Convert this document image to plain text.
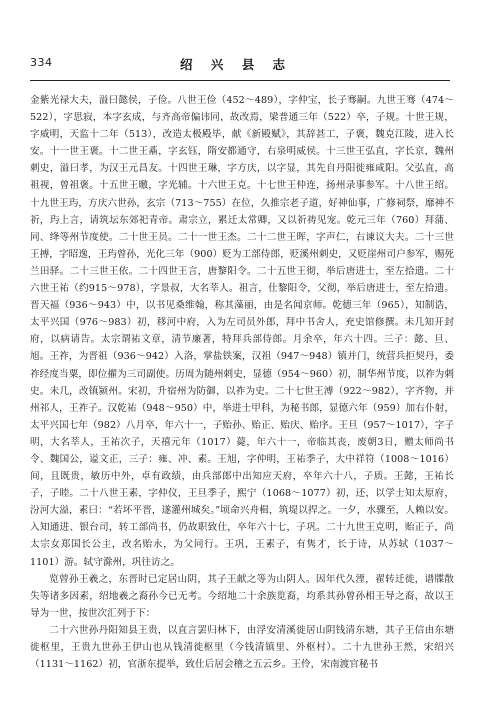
334	绍 兴 县 志

金紫光禄大夫，溢曰懿侯，子俭。八世王俭（452～489），字仲宝，长子骞嗣。九世王骞（474～522），字思寂，本字玄成，与齐高帝偏讳同，故改焉，梁普通三年（522）卒，子规。十世王规，字威明，天监十二年（513），改造太极殿毕，献《新殿赋》，其辞甚工，子褒，魏克江陵，进入长安。十一世王褒。十二世王鼒，字玄钰，隋安都通守，右泉明威侯。十三世王弘直，字长京，魏州刺史，溢曰孝，为汉王元昌友。十四世王琳，字方庆，以字显，其先自丹阳徙雍咸阳。父弘直，高祖视，曾祖褒。十五世王曒，字光辅。十六世王克。十七世王仲连，扬州录事参军。十八世王绍。十九世王玙，方庆六世孙，玄宗（713～755）在位，久推宗老子道，好神仙事，广修祠祭，靡神不祈，玙上言，请筑坛东郊祀青帝。肃宗立，累迁太常卿，又以祈祷见宠。乾元三年（760）拜蒲、同、绛等州节度使。二十世王员。二十一世王杰。二十二世王晖，字声仁，右谏议大夫。二十三世王搏，字昭逸，王玙曾孙，光化三年（900）贬为工部侍郎，贬溪州刺史，又贬崖州司户参军，赐死兰田驿。二十三世王依。二十四世王言，唐黎阳令。二十五世王彻，举后唐进士，至左拾遗。二十六世王祐（约915～978），字景叔，大名莘人。祖言，仕黎阳令，父彻，举后唐进士，至左拾遗。晋天福（936～943）中，以书见桑维翰，称其藻丽，由是名闻京师。乾德三年（965），知制诰，太平兴国（976～983）初，移河中府，入为左司员外郎，拜中书舍人，充史馆修撰。未几知开封府，以病请告。太宗谓祐文章，清节廉著，特拜兵部侍郎。月余卒，年六十四。三子：懿、旦、旭。王祚，为晋祖（936～942）入洛，掌盐铁案，汉祖（947～948）镇并门，统营兵拒契丹，委祚经度当粟，即位擢为三司副使。历周为随州刺史，显德（954～960）初，制华州节度，以祚为刺史。未几，改镇颍州。宋初，升宿州为防御，以祚为史。二十七世王溥（922～982），字齐物，并州祁人，王祚子。汉乾祐（948～950）中，举进士甲科，为秘书郎，显德六年（959）加右仆射，太平兴国七年（982）八月卒，年六十一，子贻孙、贻正、贻庆、贻序。王旦（957～1017），字子明，大名莘人，王祐次子，天禧元年（1017）薨，年六十一，帝临其丧，废朝3日，赠太师尚书令、魏国公，谥文正，三子：雍、冲、素。王旭，字仲明，王祐季子，大中祥符（1008～1016）间，且既贵，敏历中外，卓有政绩，由兵部郎中出知应天府，卒年六十八，子质。王懿，王祐长子，子睦。二十八世王素，字仲仪，王旦季子，熙宁（1068～1077）初，还，以学士知太原府，汾河大溢，素曰：“若坏平晋，遂灌州城矣。”顷命兴舟楫，筑堤以捍之。一夕，水骤至，人赖以安。入知通进、银台司，转工部尚书，仍故职致仕，卒年六十七，子巩。二十九世王克明，贻正子，尚太宗女郑国长公主，改名贻永，为父同行。王巩，王素子，有隽才，长于诗，从苏轼（1037～1101）游。轼守滁州，巩往访之。

览曾孙王羲之，东晋时已定居山阴，其子王献之等为山阴人。因年代久湮，翟转迁徙，谱牒散失等诸多因素，绍地羲之裔孙今已无考。今绍地二十余族览裔，均系其孙曾孙相王导之裔，故以王导为一世，按世次汇列于下：

二十六世孙丹阳知县王贵，以直言罢归林下，由浮安清溪徙居山阴钱清东塘，其子王信由东塘徙枢里，王贵九世孙王伊山也从钱清徙枢里（今钱清镇里、外枢村）。二十九世孙王然，宋绍兴（1131～1162）初，官浙东提举，致仕后居会稽之五云乡。王伶，宋南渡官秘书
